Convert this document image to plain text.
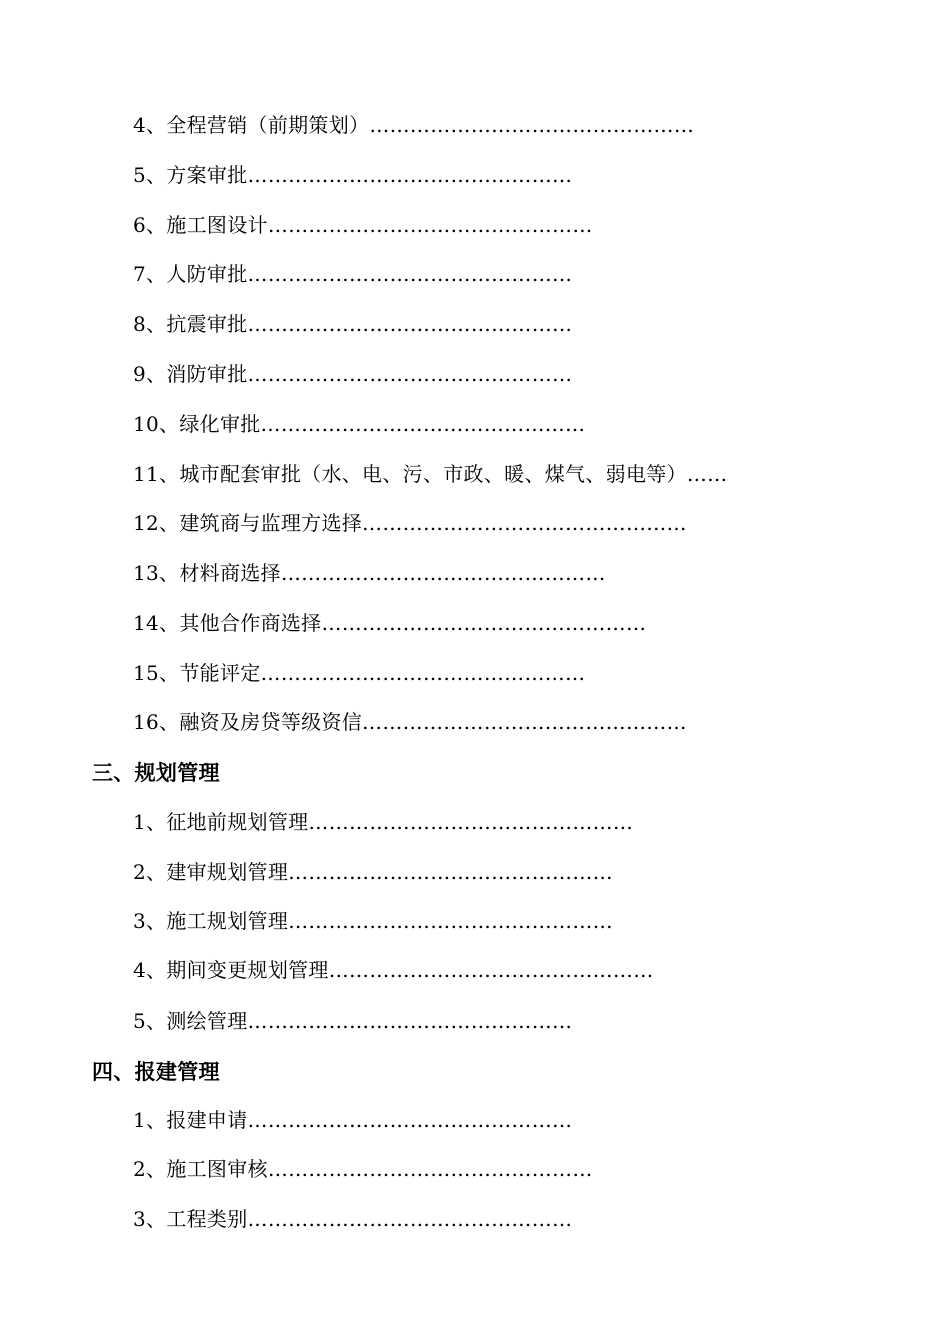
4、全程营销（前期策划）…………………………………………
5、方案审批…………………………………………
6、施工图设计…………………………………………
7、人防审批…………………………………………
8、抗震审批…………………………………………
9、消防审批…………………………………………
10、绿化审批…………………………………………
11、城市配套审批（水、电、污、市政、暖、煤气、弱电等）……
12、建筑商与监理方选择…………………………………………
13、材料商选择…………………………………………
14、其他合作商选择…………………………………………
15、节能评定…………………………………………
16、融资及房贷等级资信…………………………………………
三、规划管理
1、征地前规划管理…………………………………………
2、建审规划管理…………………………………………
3、施工规划管理…………………………………………
4、期间变更规划管理…………………………………………
5、测绘管理…………………………………………
四、报建管理
1、报建申请…………………………………………
2、施工图审核…………………………………………
3、工程类别…………………………………………
